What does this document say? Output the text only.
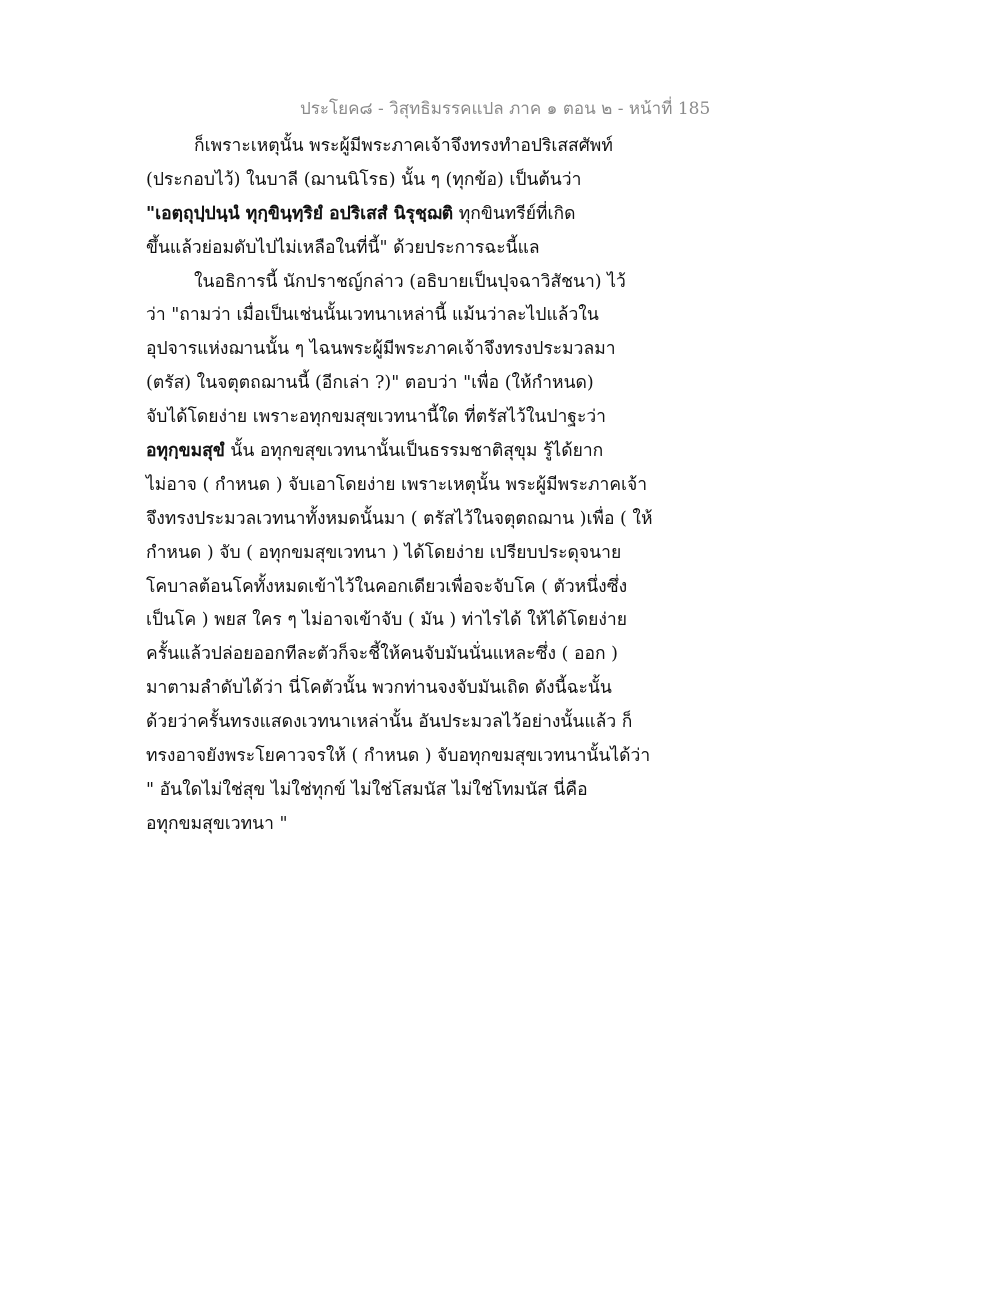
ประโยค๘ - วิสุทธิมรรคแปล ภาค ๑ ตอน ๒ - หน้าที่ 185
ก็เพราะเหตุนั้น พระผู้มีพระภาคเจ้าจึงทรงทำอปริเสสศัพท์
(ประกอบไว้) ในบาลี (ฌานนิโรธ) นั้น ๆ (ทุกข้อ) เป็นต้นว่า
"เอตฺถุปฺปนฺนํ ทุกฺขินฺทฺริยํ อปริเสสํ นิรุชฺฌติ ทุกขินทรีย์ที่เกิด
ขึ้นแล้วย่อมดับไปไม่เหลือในที่นี้" ด้วยประการฉะนี้แล
ในอธิการนี้ นักปราชญ์กล่าว (อธิบายเป็นปุจฉาวิสัชนา) ไว้
ว่า "ถามว่า เมื่อเป็นเช่นนั้นเวทนาเหล่านี้ แม้นว่าละไปแล้วใน
อุปจารแห่งฌานนั้น ๆ ไฉนพระผู้มีพระภาคเจ้าจึงทรงประมวลมา
(ตรัส) ในจตุตถฌานนี้ (อีกเล่า ?)" ตอบว่า "เพื่อ (ให้กำหนด)
จับได้โดยง่าย เพราะอทุกขมสุขเวทนานี้ใด ที่ตรัสไว้ในปาฐะว่า
อทุกฺขมสุขํ นั้น อทุกขสุขเวทนานั้นเป็นธรรมชาติสุขุม รู้ได้ยาก
ไม่อาจ ( กำหนด ) จับเอาโดยง่าย เพราะเหตุนั้น พระผู้มีพระภาคเจ้า
จึงทรงประมวลเวทนาทั้งหมดนั้นมา ( ตรัสไว้ในจตุตถฌาน )เพื่อ ( ให้
กำหนด ) จับ ( อทุกขมสุขเวทนา ) ได้โดยง่าย เปรียบประดุจนาย
โคบาลต้อนโคทั้งหมดเข้าไว้ในคอกเดียวเพื่อจะจับโค ( ตัวหนึ่งซึ่ง
เป็นโค ) พยส ใคร ๆ ไม่อาจเข้าจับ ( มัน ) ท่าไรได้ ให้ได้โดยง่าย
ครั้นแล้วปล่อยออกทีละตัวก็จะชี้ให้คนจับมันนั่นแหละซึ่ง ( ออก )
มาตามลำดับได้ว่า นี่โคตัวนั้น พวกท่านจงจับมันเถิด ดังนี้ฉะนั้น
ด้วยว่าครั้นทรงแสดงเวทนาเหล่านั้น อันประมวลไว้อย่างนั้นแล้ว ก็
ทรงอาจยังพระโยคาวจรให้ ( กำหนด ) จับอทุกขมสุขเวทนานั้นได้ว่า
" อันใดไม่ใช่สุข ไม่ใช่ทุกข์ ไม่ใช่โสมนัส ไม่ใช่โทมนัส นี่คือ
อทุกขมสุขเวทนา "
